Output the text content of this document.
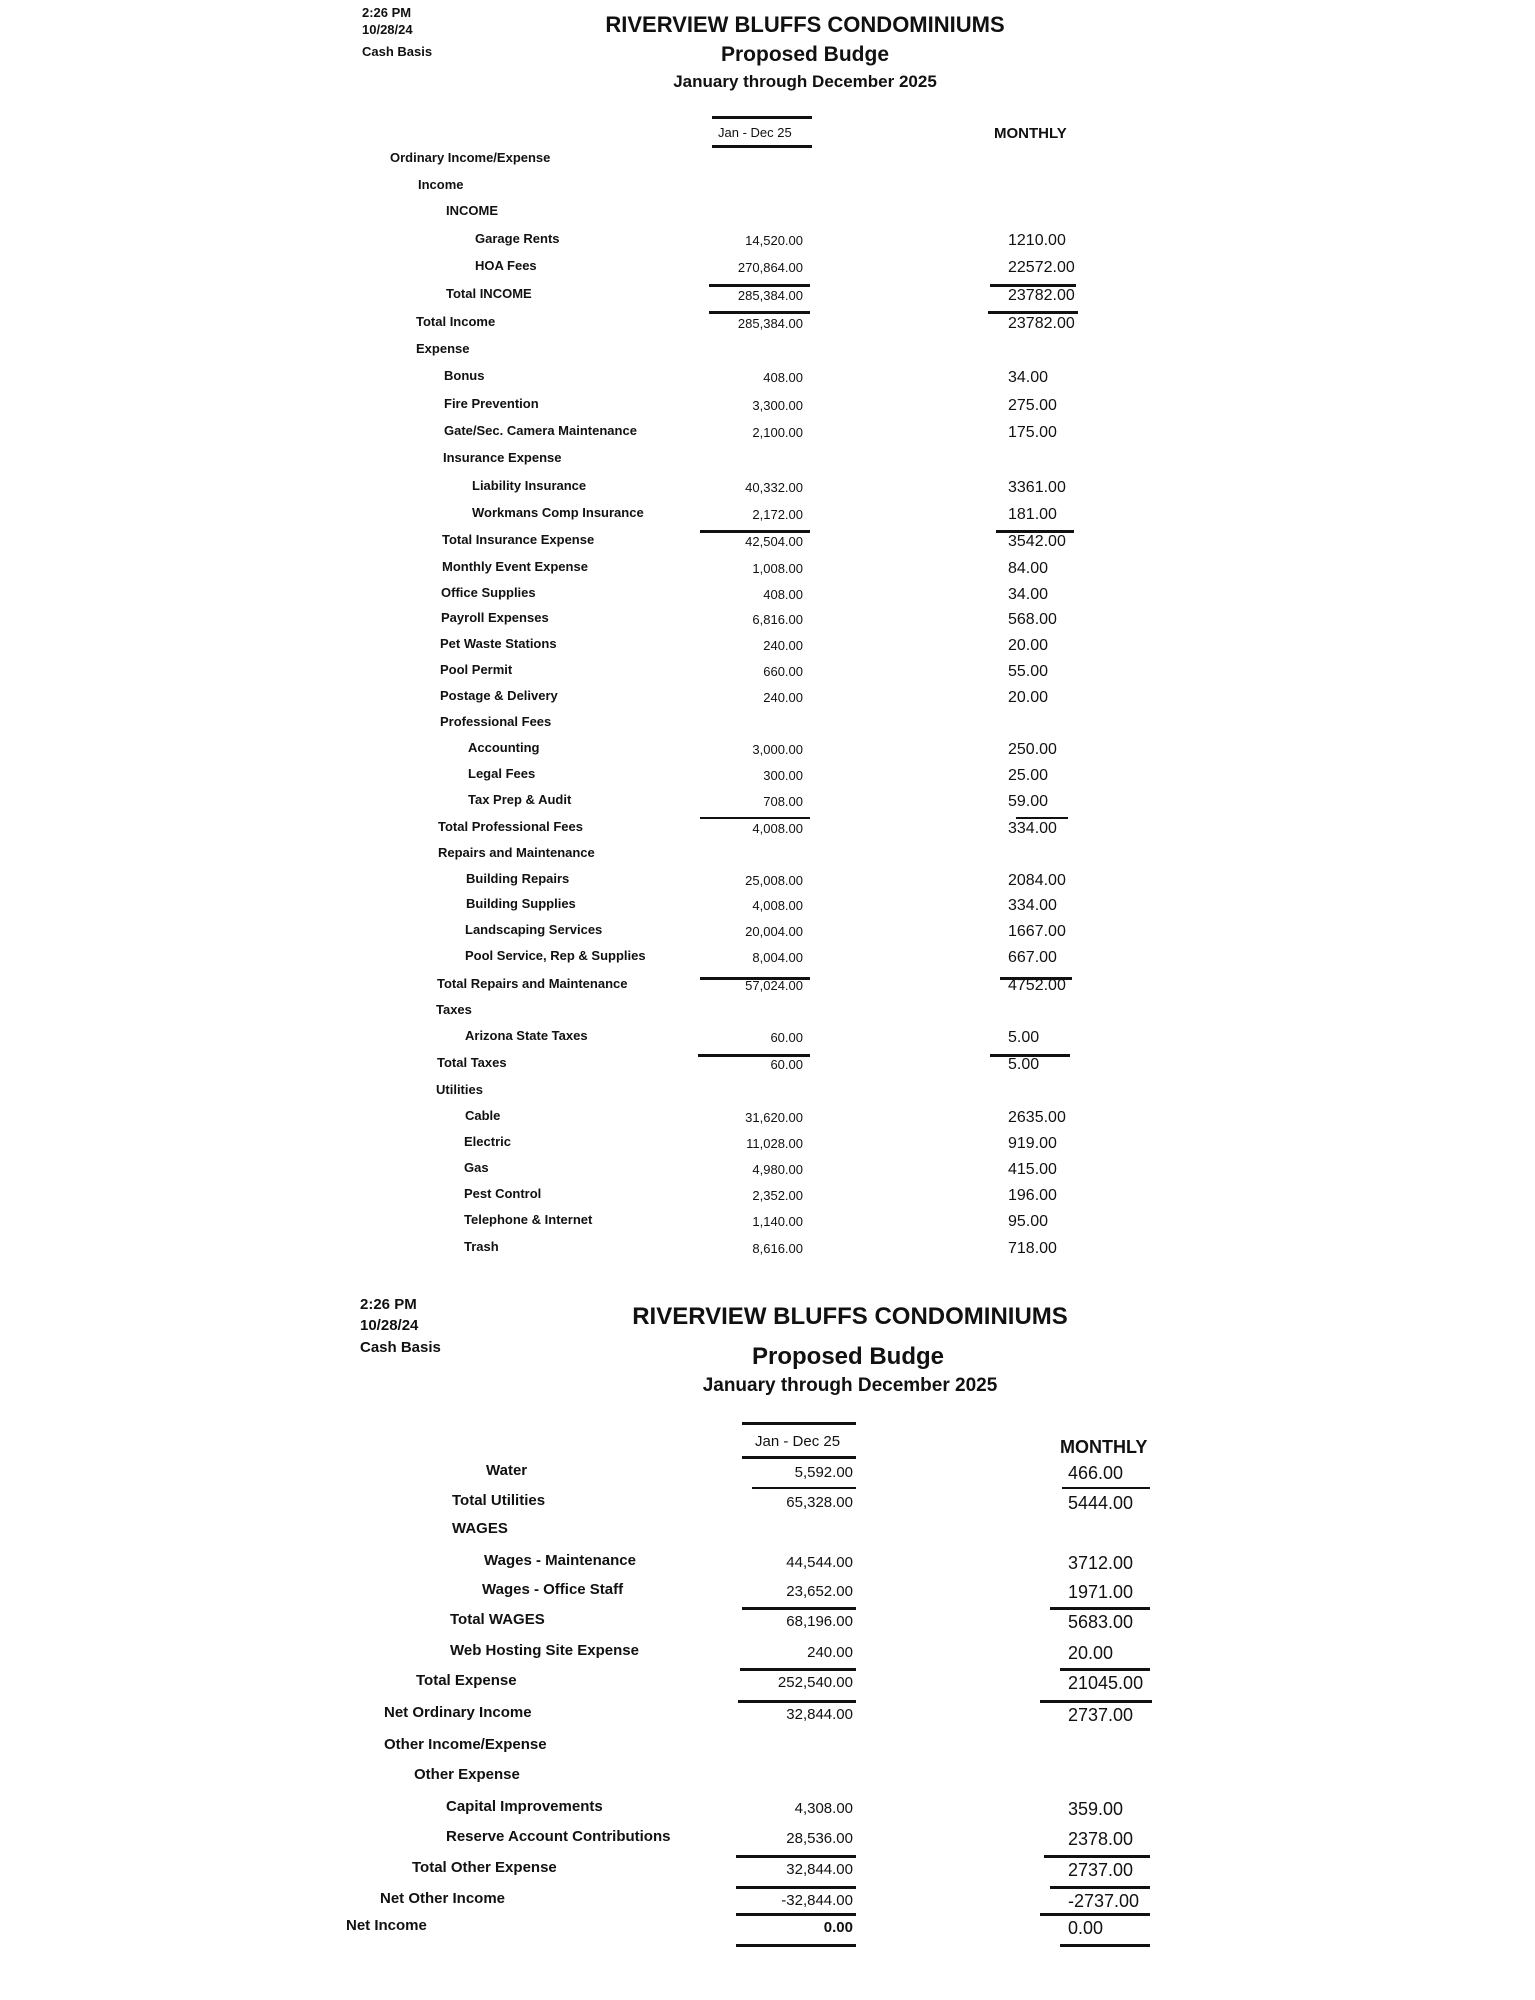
2:26 PM
10/28/24
Cash Basis
RIVERVIEW BLUFFS CONDOMINIUMS
Proposed Budge
January through December 2025
Jan - Dec 25	MONTHLY
Ordinary Income/Expense
Income
INCOME
Garage Rents	14,520.00	1210.00
HOA Fees	270,864.00	22572.00
Total INCOME	285,384.00	23782.00
Total Income	285,384.00	23782.00
Expense
Bonus	408.00	34.00
Fire Prevention	3,300.00	275.00
Gate/Sec. Camera Maintenance	2,100.00	175.00
Insurance Expense
Liability Insurance	40,332.00	3361.00
Workmans Comp Insurance	2,172.00	181.00
Total Insurance Expense	42,504.00	3542.00
Monthly Event Expense	1,008.00	84.00
Office Supplies	408.00	34.00
Payroll Expenses	6,816.00	568.00
Pet Waste Stations	240.00	20.00
Pool Permit	660.00	55.00
Postage & Delivery	240.00	20.00
Professional Fees
Accounting	3,000.00	250.00
Legal Fees	300.00	25.00
Tax Prep & Audit	708.00	59.00
Total Professional Fees	4,008.00	334.00
Repairs and Maintenance
Building Repairs	25,008.00	2084.00
Building Supplies	4,008.00	334.00
Landscaping Services	20,004.00	1667.00
Pool Service, Rep & Supplies	8,004.00	667.00
Total Repairs and Maintenance	57,024.00	4752.00
Taxes
Arizona State Taxes	60.00	5.00
Total Taxes	60.00	5.00
Utilities
Cable	31,620.00	2635.00
Electric	11,028.00	919.00
Gas	4,980.00	415.00
Pest Control	2,352.00	196.00
Telephone & Internet	1,140.00	95.00
Trash	8,616.00	718.00
2:26 PM
10/28/24
Cash Basis
RIVERVIEW BLUFFS CONDOMINIUMS
Proposed Budge
January through December 2025
Jan - Dec 25	MONTHLY
Water	5,592.00	466.00
Total Utilities	65,328.00	5444.00
WAGES
Wages - Maintenance	44,544.00	3712.00
Wages - Office Staff	23,652.00	1971.00
Total WAGES	68,196.00	5683.00
Web Hosting Site Expense	240.00	20.00
Total Expense	252,540.00	21045.00
Net Ordinary Income	32,844.00	2737.00
Other Income/Expense
Other Expense
Capital Improvements	4,308.00	359.00
Reserve Account Contributions	28,536.00	2378.00
Total Other Expense	32,844.00	2737.00
Net Other Income	-32,844.00	-2737.00
Net Income	0.00	0.00
